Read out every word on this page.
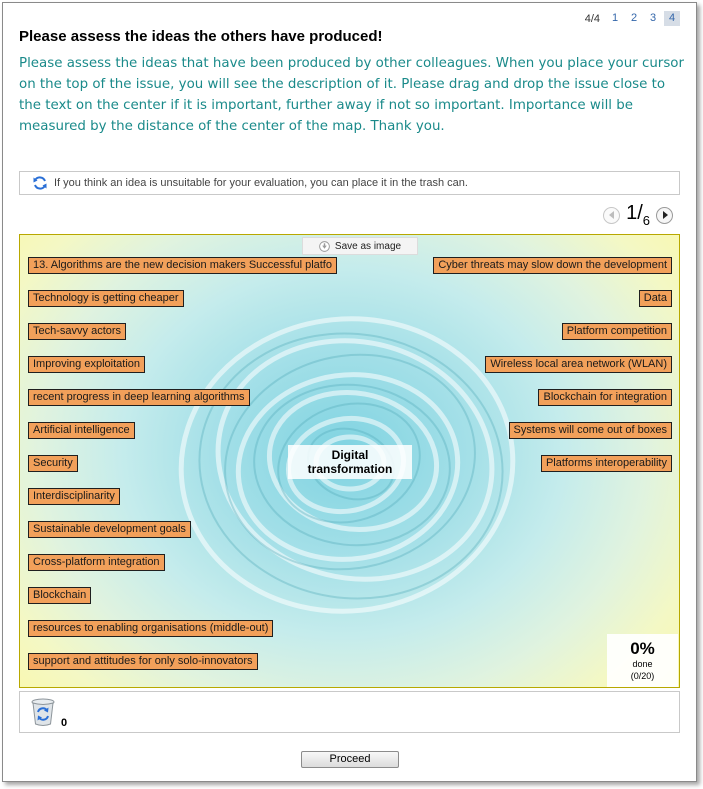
4/4	1	2	3	4
Please assess the ideas the others have produced!
Please assess the ideas that have been produced by other colleagues. When you place your cursor on the top of the issue, you will see the description of it. Please drag and drop the issue close to the text on the center if it is important, further away if not so important. Importance will be measured by the distance of the center of the map. Thank you.
If you think an idea is unsuitable for your evaluation, you can place it in the trash can.
$1/_6$
Save as image
13. Algorithms are the new decision makers Successful platfo
Technology is getting cheaper
Tech-savvy actors
Improving exploitation
recent progress in deep learning algorithms
Artificial intelligence
Security
Interdisciplinarity
Sustainable development goals
Cross-platform integration
Blockchain
resources to enabling organisations (middle-out)
support and attitudes for only solo-innovators
Cyber threats may slow down the development
Data
Platform competition
Wireless local area network (WLAN)
Blockchain for integration
Systems will come out of boxes
Platforms interoperability
Digital
transformation
0%
done
(0/20)
0
Proceed
